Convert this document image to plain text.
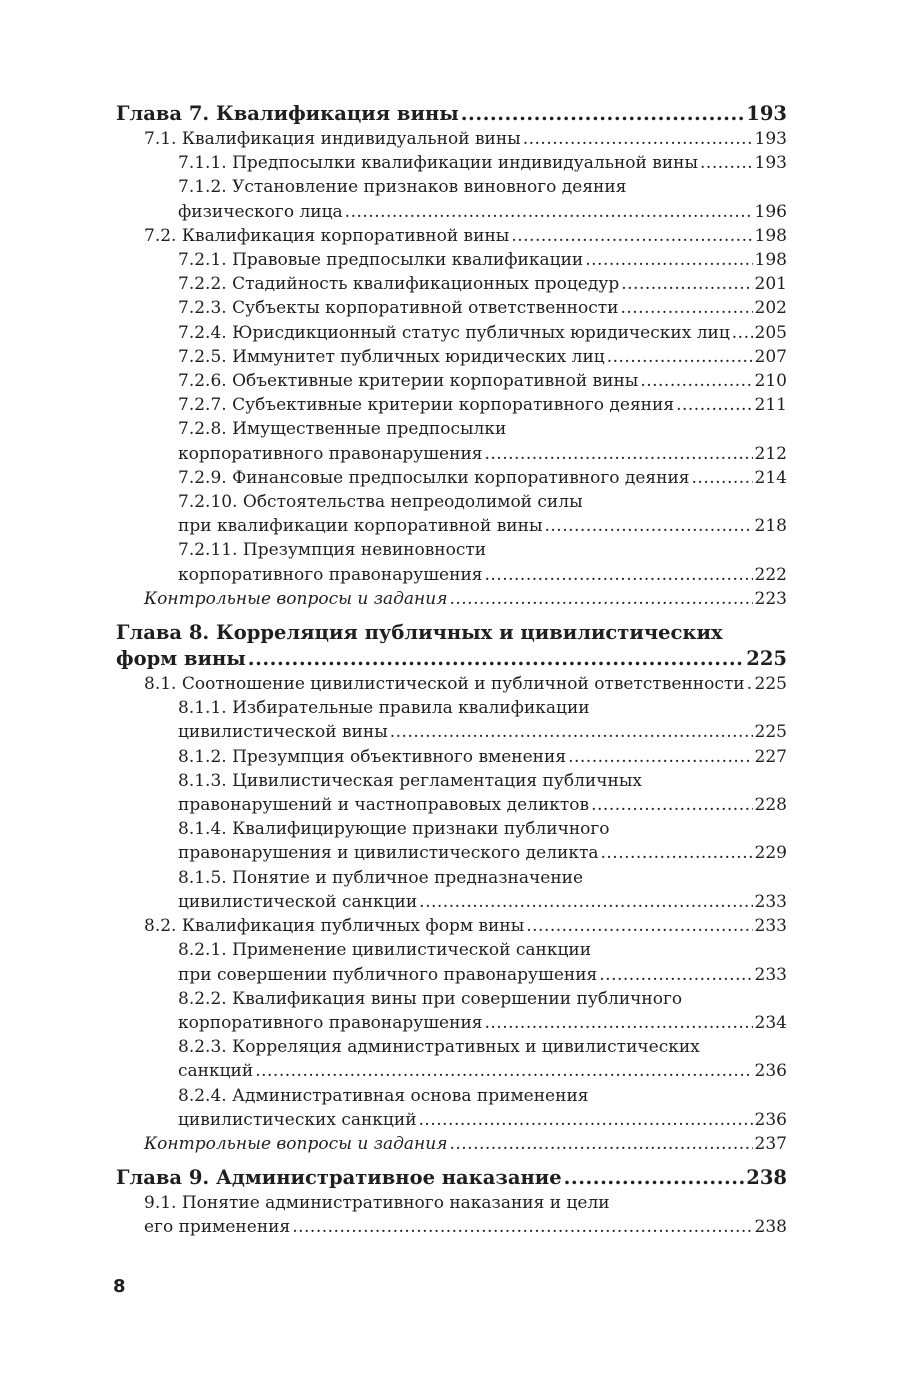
Глава 7. Квалификация вины .....	193
7.1. Квалификация индивидуальной вины .....	193
7.1.1. Предпосылки квалификации индивидуальной вины .....	193
7.1.2. Установление признаков виновного деяния
физического лица .....	196
7.2. Квалификация корпоративной вины .....	198
7.2.1. Правовые предпосылки квалификации .....	198
7.2.2. Стадийность квалификационных процедур .....	201
7.2.3. Субъекты корпоративной ответственности .....	202
7.2.4. Юрисдикционный статус публичных юридических лиц ..... 205
7.2.5. Иммунитет публичных юридических лиц .....	207
7.2.6. Объективные критерии корпоративной вины .....	210
7.2.7. Субъективные критерии корпоративного деяния .....	211
7.2.8. Имущественные предпосылки
корпоративного правонарушения .....	212
7.2.9. Финансовые предпосылки корпоративного деяния .....	214
7.2.10. Обстоятельства непреодолимой силы
при квалификации корпоративной вины .....	218
7.2.11. Презумпция невиновности
корпоративного правонарушения .....	222
Контрольные вопросы и задания .....	223
Глава 8. Корреляция публичных и цивилистических
форм вины .....	225
8.1. Соотношение цивилистической и публичной ответственности ..... 225
8.1.1. Избирательные правила квалификации
цивилистической вины .....	225
8.1.2. Презумпция объективного вменения .....	227
8.1.3. Цивилистическая регламентация публичных
правонарушений и частноправовых деликтов .....	228
8.1.4. Квалифицирующие признаки публичного
правонарушения и цивилистического деликта .....	229
8.1.5. Понятие и публичное предназначение
цивилистической санкции .....	233
8.2. Квалификация публичных форм вины .....	233
8.2.1. Применение цивилистической санкции
при совершении публичного правонарушения .....	233
8.2.2. Квалификация вины при совершении публичного
корпоративного правонарушения .....	234
8.2.3. Корреляция административных и цивилистических
санкций .....	236
8.2.4. Административная основа применения
цивилистических санкций .....	236
Контрольные вопросы и задания .....	237
Глава 9. Административное наказание .....	238
9.1. Понятие административного наказания и цели
его применения .....	238
8
